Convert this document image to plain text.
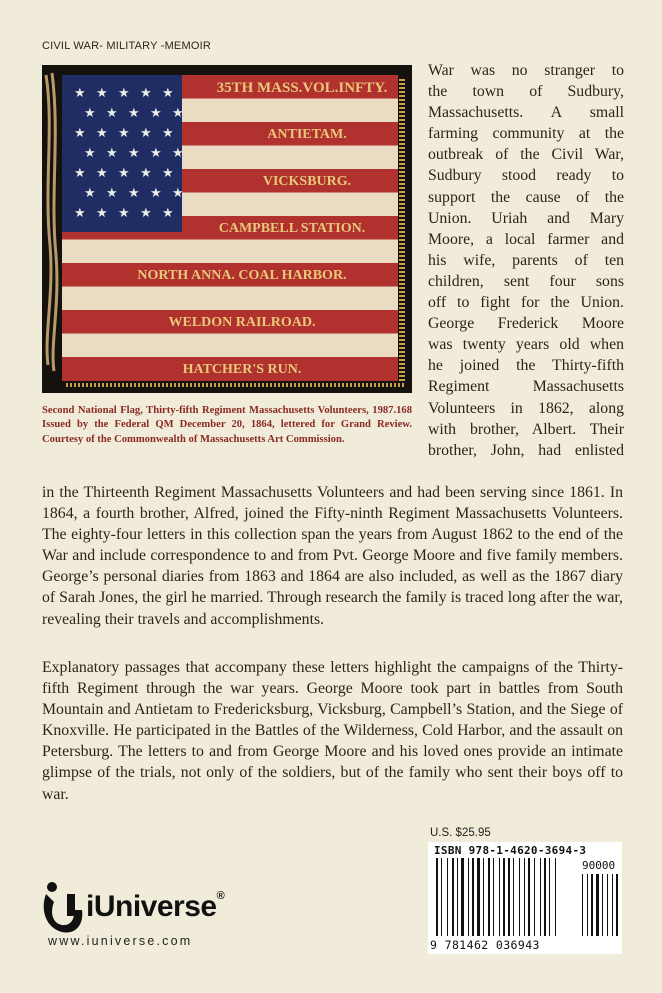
CIVIL WAR- MILITARY -MEMOIR
★ ★ ★ ★ ★
★ ★ ★ ★ ★
★ ★ ★ ★ ★
★ ★ ★ ★ ★
★ ★ ★ ★ ★
★ ★ ★ ★ ★
★ ★ ★ ★ ★
35TH MASS.VOL.INFTY.
ANTIETAM.
VICKSBURG.
CAMPBELL STATION.
NORTH ANNA. COAL HARBOR.
WELDON RAILROAD.
HATCHER'S RUN.
Second National Flag, Thirty-fifth Regiment Massachusetts Volunteers, 1987.168 Issued by the Federal QM December 20, 1864, lettered for Grand Review. Courtesy of the Commonwealth of Massachusetts Art Commission.
War was no stranger to
the town of Sudbury,
Massachusetts. A small
farming community at the
outbreak of the Civil War,
Sudbury stood ready to
support the cause of the
Union. Uriah and Mary
Moore, a local farmer and
his wife, parents of ten
children, sent four sons
off to fight for the Union.
George Frederick Moore
was twenty years old when
he joined the Thirty-fifth
Regiment Massachusetts
Volunteers in 1862, along
with brother, Albert. Their
brother, John, had enlisted

in the Thirteenth Regiment Massachusetts Volunteers and had been serving since 1861. In 1864, a fourth brother, Alfred, joined the Fifty-ninth Regiment Massachusetts Volunteers. The eighty-four letters in this collection span the years from August 1862 to the end of the War and include correspondence to and from Pvt. George Moore and five family members. George’s personal diaries from 1863 and 1864 are also included, as well as the 1867 diary of Sarah Jones, the girl he married. Through research the family is traced long after the war, revealing their travels and accomplishments.

Explanatory passages that accompany these letters highlight the campaigns of the Thirty-fifth Regiment through the war years. George Moore took part in battles from South Mountain and Antietam to Fredericksburg, Vicksburg, Campbell’s Station, and the Siege of Knoxville. He participated in the Battles of the Wilderness, Cold Harbor, and the assault on Petersburg. The letters to and from George Moore and his loved ones provide an intimate glimpse of the trials, not only of the soldiers, but of the family who sent their boys off to war.

iUniverse®
www.iuniverse.com
U.S. $25.95
ISBN 978-1-4620-3694-3
90000
9 781462 036943
